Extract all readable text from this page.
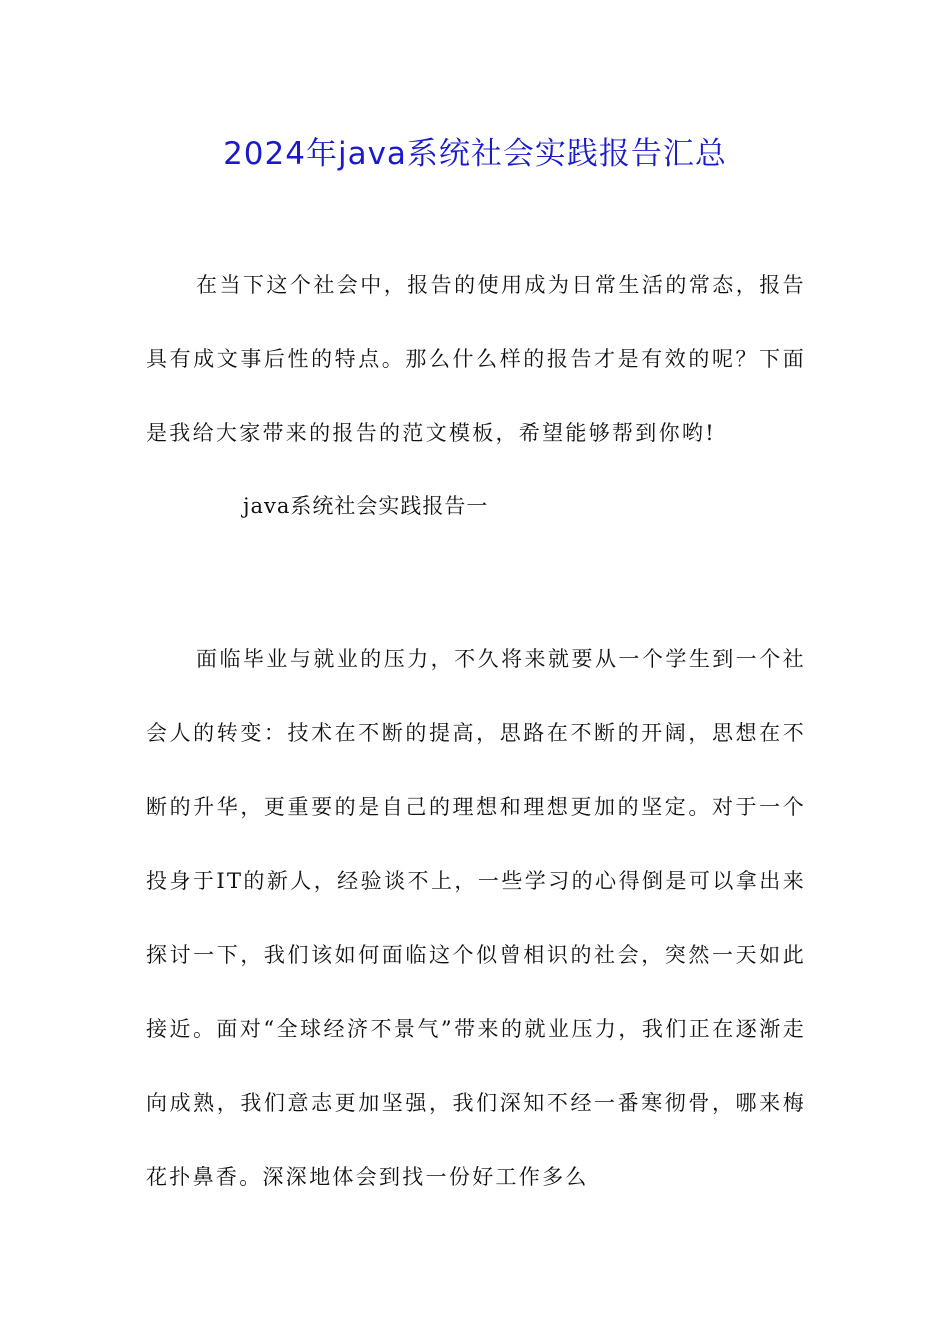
2024年java系统社会实践报告汇总

在当下这个社会中，报告的使用成为日常生活的常态，报告具有成文事后性的特点。那么什么样的报告才是有效的呢？下面是我给大家带来的报告的范文模板，希望能够帮到你哟!

java系统社会实践报告一

面临毕业与就业的压力，不久将来就要从一个学生到一个社会人的转变：技术在不断的提高，思路在不断的开阔，思想在不断的升华，更重要的是自己的理想和理想更加的坚定。对于一个投身于IT的新人，经验谈不上，一些学习的心得倒是可以拿出来探讨一下，我们该如何面临这个似曾相识的社会，突然一天如此接近。面对“全球经济不景气”带来的就业压力，我们正在逐渐走向成熟，我们意志更加坚强，我们深知不经一番寒彻骨，哪来梅花扑鼻香。深深地体会到找一份好工作多么
